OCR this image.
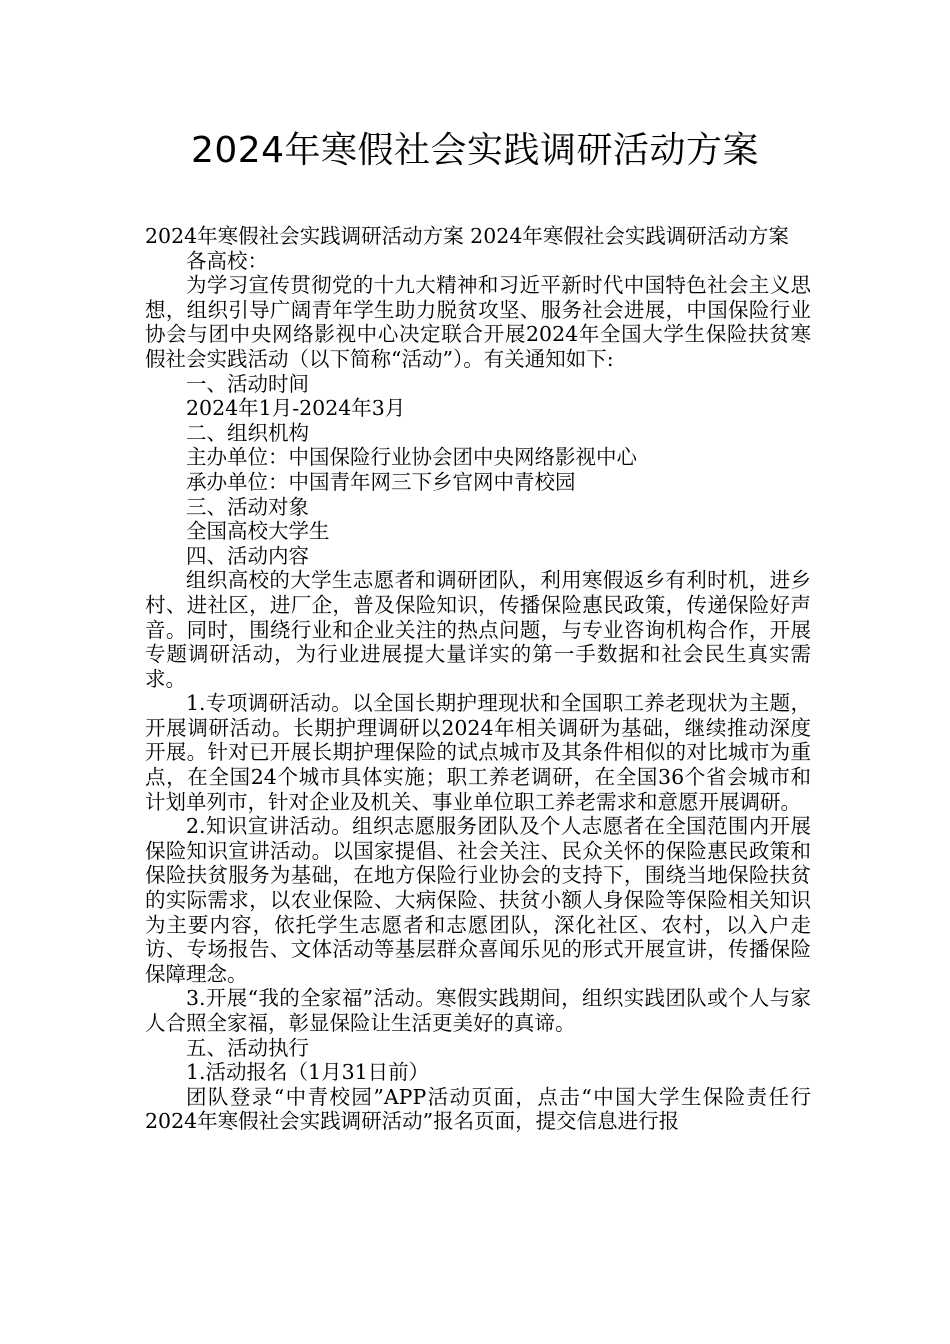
2024年寒假社会实践调研活动方案

2024年寒假社会实践调研活动方案 2024年寒假社会实践调研活动方案

各高校：

为学习宣传贯彻党的十九大精神和习近平新时代中国特色社会主义思想，组织引导广阔青年学生助力脱贫攻坚、服务社会进展，中国保险行业协会与团中央网络影视中心决定联合开展2024年全国大学生保险扶贫寒假社会实践活动（以下简称“活动”）。有关通知如下:

一、活动时间

2024年1月-2024年3月

二、组织机构

主办单位：中国保险行业协会团中央网络影视中心

承办单位：中国青年网三下乡官网中青校园

三、活动对象

全国高校大学生

四、活动内容

组织高校的大学生志愿者和调研团队，利用寒假返乡有利时机，进乡村、进社区，进厂企，普及保险知识，传播保险惠民政策，传递保险好声音。同时，围绕行业和企业关注的热点问题，与专业咨询机构合作，开展专题调研活动，为行业进展提大量详实的第一手数据和社会民生真实需求。

1.专项调研活动。以全国长期护理现状和全国职工养老现状为主题，开展调研活动。长期护理调研以2024年相关调研为基础，继续推动深度开展。针对已开展长期护理保险的试点城市及其条件相似的对比城市为重点，在全国24个城市具体实施；职工养老调研，在全国36个省会城市和计划单列市，针对企业及机关、事业单位职工养老需求和意愿开展调研。

2.知识宣讲活动。组织志愿服务团队及个人志愿者在全国范围内开展保险知识宣讲活动。以国家提倡、社会关注、民众关怀的保险惠民政策和保险扶贫服务为基础，在地方保险行业协会的支持下，围绕当地保险扶贫的实际需求，以农业保险、大病保险、扶贫小额人身保险等保险相关知识为主要内容，依托学生志愿者和志愿团队，深化社区、农村，以入户走访、专场报告、文体活动等基层群众喜闻乐见的形式开展宣讲，传播保险保障理念。

3.开展“我的全家福”活动。寒假实践期间，组织实践团队或个人与家人合照全家福，彰显保险让生活更美好的真谛。

五、活动执行

1.活动报名（1月31日前）

团队登录“中青校园”APP活动页面，点击“中国大学生保险责任行2024年寒假社会实践调研活动”报名页面，提交信息进行报
